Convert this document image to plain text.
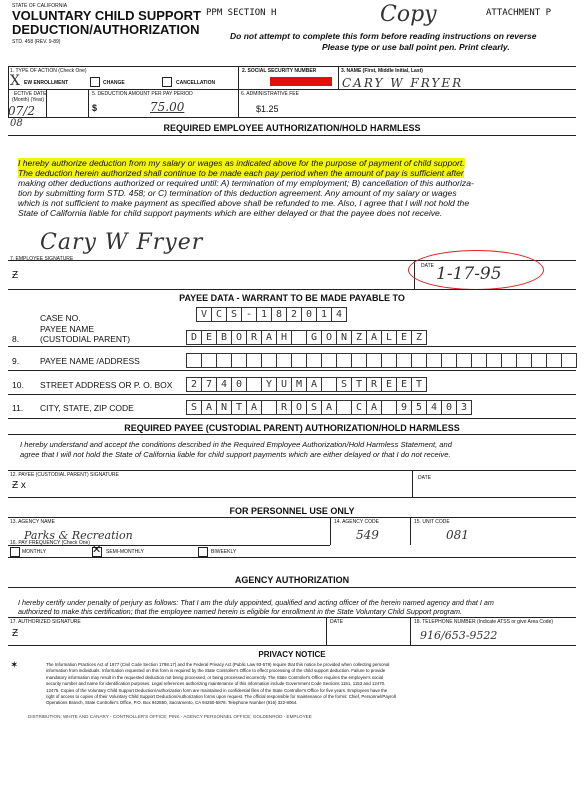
STATE OF CALIFORNIA
VOLUNTARY CHILD SUPPORT
DEDUCTION/AUTHORIZATION
STD. 458 (REV. 9-89)
PPM SECTION H	Copy	ATTACHMENT P
Do not attempt to complete this form before reading instructions on reverse
Please type or use ball point pen. Print clearly.
1. TYPE OF ACTION (Check One)
X EW ENROLLMENT	CHANGE	CANCELLATION
2. SOCIAL SECURITY NUMBER	3. NAME (First, Middle Initial, Last)
CARY W FRYER
ECTIVE DATE
(Month) (Year)
07/2
08
5. DEDUCTION AMOUNT PER PAY PERIOD
$	75.00
6. ADMINISTRATIVE FEE
$1.25
REQUIRED EMPLOYEE AUTHORIZATION/HOLD HARMLESS
I hereby authorize deduction from my salary or wages as indicated above for the purpose of payment of child support.
The deduction herein authorized shall continue to be made each pay period when the amount of pay is sufficient after
making other deductions authorized or required until: A) termination of my employment; B) cancellation of this authoriza-
tion by submitting form STD. 458; or C) termination of this deduction agreement. Any amount of my salary or wages
which is not sufficient to make payment as specified above shall be refunded to me. Also, I agree that I will not hold the
State of California liable for child support payments which are either delayed or that the payee does not receive.
7. EMPLOYEE SIGNATURE
Cary W Fryer
Ƶ
DATE 1-17-95
PAYEE DATA - WARRANT TO BE MADE PAYABLE TO
CASE NO.	V C S - 1 8 2 0 1 4
8.
PAYEE NAME
(CUSTODIAL PARENT)	D E B O R A H	G O N Z A L E Z
9. PAYEE NAME /ADDRESS
10. STREET ADDRESS OR P. O. BOX	2 7 4 0	Y U M A	S T R E E T
11. CITY, STATE, ZIP CODE	S A N T A	R O S A	C A	9 5 4 0 3
REQUIRED PAYEE (CUSTODIAL PARENT) AUTHORIZATION/HOLD HARMLESS
I hereby understand and accept the conditions described in the Required Employee Authorization/Hold Harmless Statement, and
agree that I will not hold the State of California liable for child support payments which are either delayed or that I do not receive.
12. PAYEE (CUSTODIAL PARENT) SIGNATURE
Ƶ x
DATE
FOR PERSONNEL USE ONLY
13. AGENCY NAME
Parks & Recreation
14. AGENCY CODE
549
15. UNIT CODE
081
16. PAY FREQUENCY (Check One)
MONTHLY	✕ SEMI-MONTHLY	BIWEEKLY
AGENCY AUTHORIZATION
I hereby certify under penalty of perjury as follows: That I am the duly appointed, qualified and acting officer of the herein named agency and that I am
authorized to make this certification; that the employee named herein is eligible for enrollment in the State Voluntary Child Support program.
17. AUTHORIZED SIGNATURE
Ƶ
DATE	18. TELEPHONE NUMBER (Indicate ATSS or give Area Code)
916/653-9522
PRIVACY NOTICE
✶	The Information Practices Act of 1977 (Civil Code Section 1798.17) and the Federal Privacy Act (Public Law 93-579) require that this notice be provided when collecting personal
information from individuals. Information requested on this form is required by the State Controller's Office to effect processing of the child support deduction. Failure to provide
mandatory information may result in the requested deduction not being processed, or being processed incorrectly. The State Controller's Office requires the employee's social
security number and name for identification purposes. Legal references authorizing maintenance of this information include Government Code Sections 1151, 1153 and 12470.
12475. Copies of the Voluntary Child Support Deduction/Authorization form are maintained in confidential files of the State Controller's Office for five years. Employees have the
right of access to copies of their Voluntary Child Support Deduction/Authorization forms upon request. The official responsible for maintenance of the forms: Chief, Personnel/Payroll
Operations Branch, State Controller's Office, P.O. Box 942850, Sacramento, CA 94250-5878. Telephone Number (916) 322-8064.
DISTRIBUTION: WHITE AND CANARY - CONTROLLER'S OFFICE; PINK - AGENCY PERSONNEL OFFICE; GOLDENROD - EMPLOYEE
